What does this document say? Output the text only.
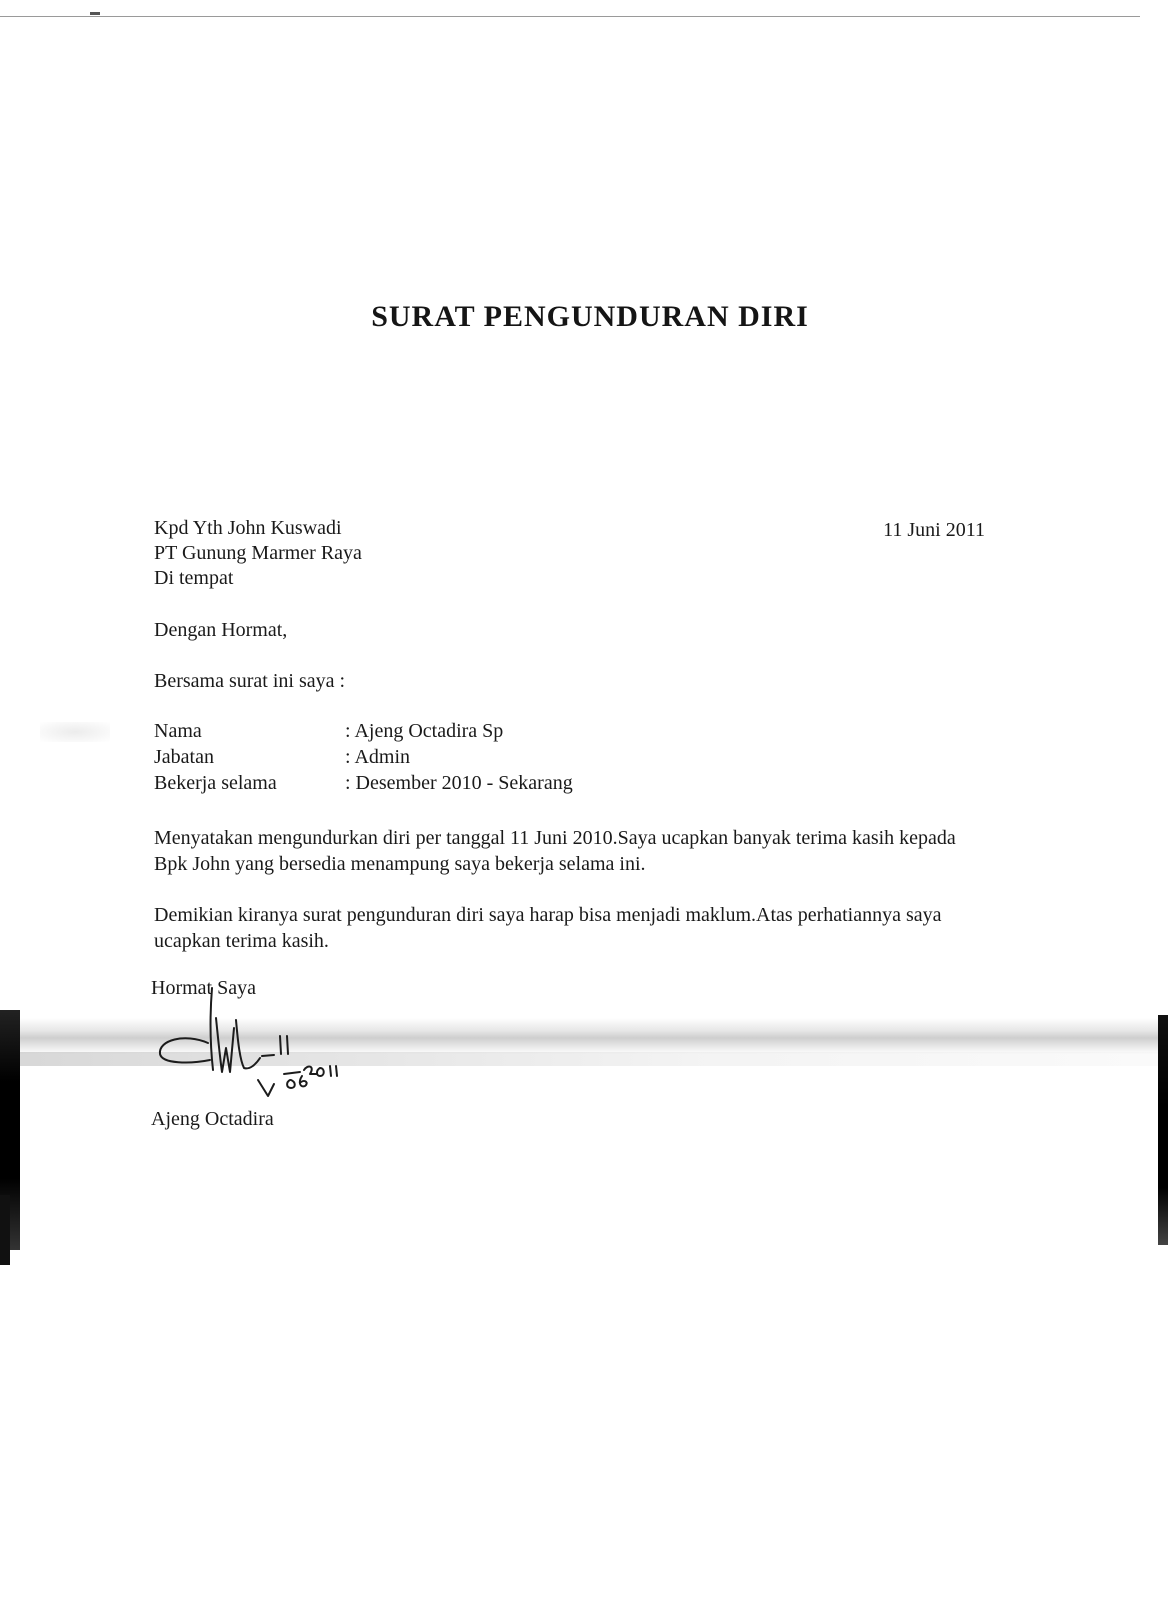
SURAT PENGUNDURAN DIRI
Kpd Yth John Kuswadi
PT Gunung Marmer Raya
Di tempat
11 Juni 2011
Dengan Hormat,
Bersama surat ini saya :
Nama	: Ajeng Octadira Sp
Jabatan	: Admin
Bekerja selama	: Desember 2010 - Sekarang

Menyatakan mengundurkan diri per tanggal 11 Juni 2010.Saya ucapkan banyak terima kasih kepada Bpk John yang bersedia menampung saya bekerja selama ini.

Demikian kiranya surat pengunduran diri saya harap bisa menjadi maklum.Atas perhatiannya saya ucapkan terima kasih.

Hormat Saya
Ajeng Octadira
